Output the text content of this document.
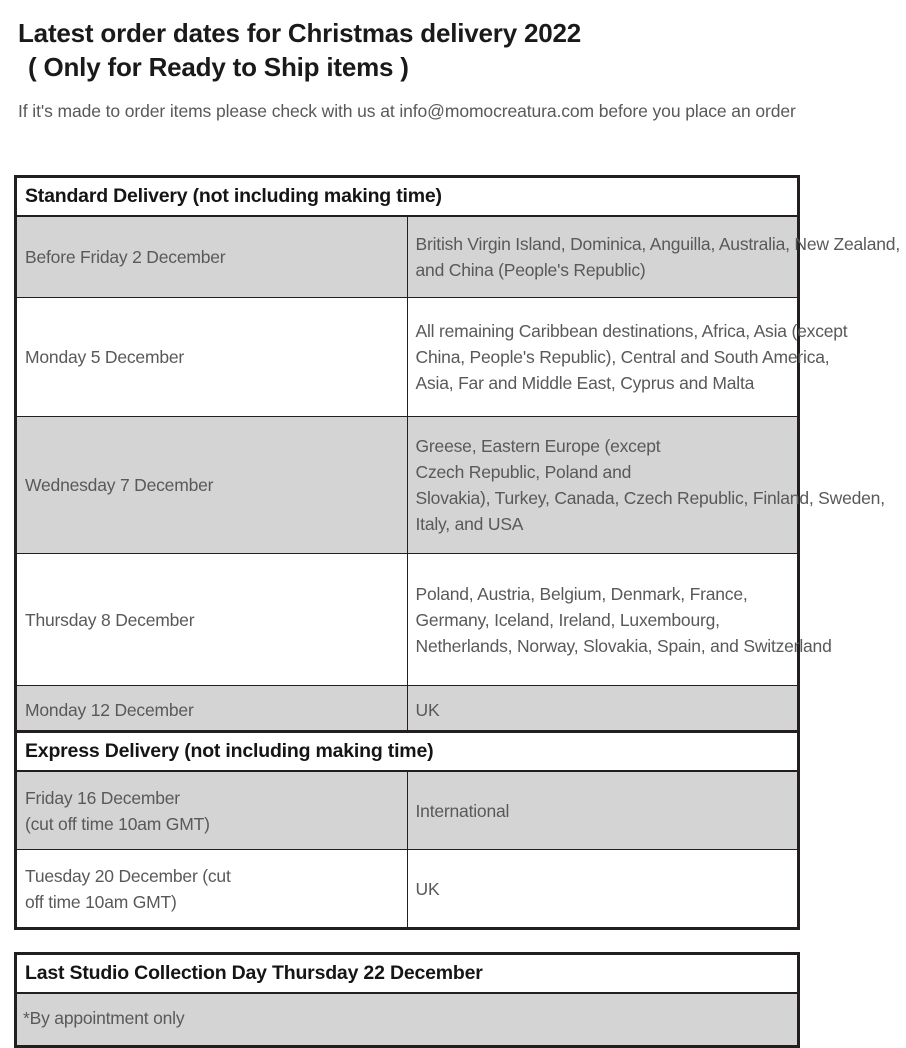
Latest order dates for Christmas delivery 2022
( Only for Ready to Ship items )
If it's made to order items please check with us at info@momocreatura.com before you place an order
Standard Delivery (not including making time)	
Before Friday 2 December	British Virgin Island, Dominica, Anguilla, Australia, New Zealand,
and China (People's Republic)

Monday 5 December	All remaining Caribbean destinations, Africa, Asia (except
China, People's Republic), Central and South America,
Asia, Far and Middle East, Cyprus and Malta

Wednesday 7 December	Greese, Eastern Europe (except
Czech Republic, Poland and
Slovakia), Turkey, Canada, Czech Republic, Finland, Sweden,
Italy, and USA

Thursday 8 December	Poland, Austria, Belgium, Denmark, France,
Germany, Iceland, Ireland, Luxembourg,
Netherlands, Norway, Slovakia, Spain, and Switzerland

Monday 12 December	UK
Express Delivery (not including making time)	

Friday 16 December
(cut off time 10am GMT)	International

Tuesday 20 December (cut
off time 10am GMT)	UK
Last Studio Collection Day Thursday 22 December
*By appointment only
